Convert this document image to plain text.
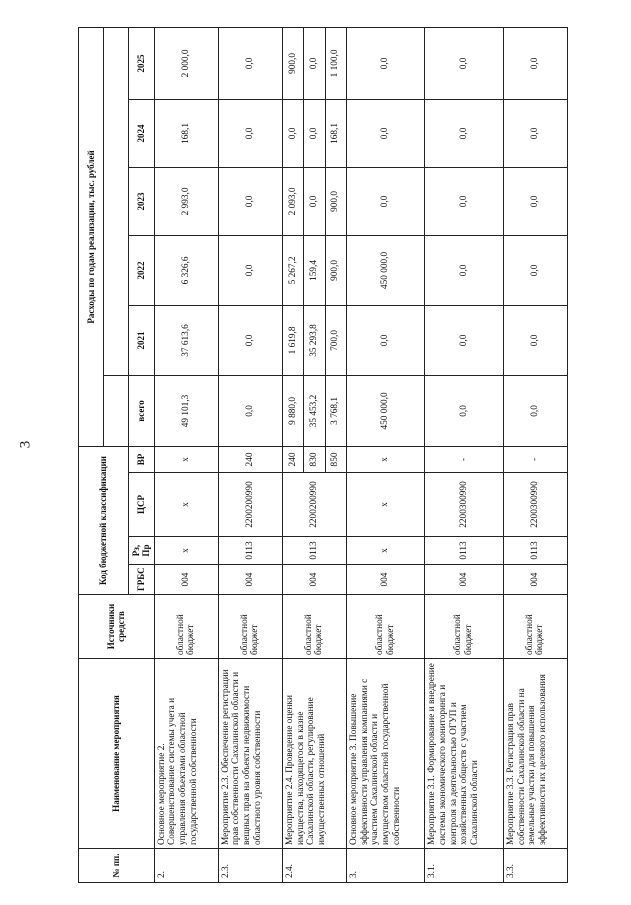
3
№ пп.	Наименование мероприятия	Источники средств	Код бюджетной классификации				Расходы по годам реализации, тыс. рублей					

			ГРБС	Рз, Пр	ЦСР	ВР	всего	2021	2022	2023	2024	2025
2.	Основное мероприятие 2. Совершенствование системы учета и управления объектами областной государственной собственности	областной бюджет	004	х	х	х	49 101,3	37 613,6	6 326,6	2 993,0	168,1	2 000,0
2.3.	Мероприятие 2.3. Обеспечение регистрации прав собственности Сахалинской области и вещных прав на объекты недвижимости областного уровня собственности	областной бюджет	004	0113	2200200990	240	0,0	0,0	0,0	0,0	0,0	0,0
2.4.	Мероприятие 2.4. Проведение оценки имущества, находящегося в казне Сахалинской области, регулирование имущественных отношений	областной бюджет	004	0113	2200200990	240	9 880,0	1 619,8	5 267,2	2 093,0	0,0	900,0
						830	35 453,2	35 293,8	159,4	0,0	0,0	0,0
						850	3 768,1	700,0	900,0	900,0	168,1	1 100,0
3.	Основное мероприятие 3. Повышение эффективности управления компаниями с участием Сахалинской области и имуществом областной государственной собственности	областной бюджет	004	х	х	х	450 000,0	0,0	450 000,0	0,0	0,0	0,0
3.1.	Мероприятие 3.1. Формирование и внедрение системы экономического мониторинга и контроля за деятельностью ОГУП и хозяйственных обществ с участием Сахалинской области	областной бюджет	004	0113	2200300990	-	0,0	0,0	0,0	0,0	0,0	0,0
3.3.	Мероприятие 3.3. Регистрация прав собственности Сахалинской области на земельные участки для повышения эффективности их целевого использования	областной бюджет	004	0113	2200300990	-	0,0	0,0	0,0	0,0	0,0	0,0
